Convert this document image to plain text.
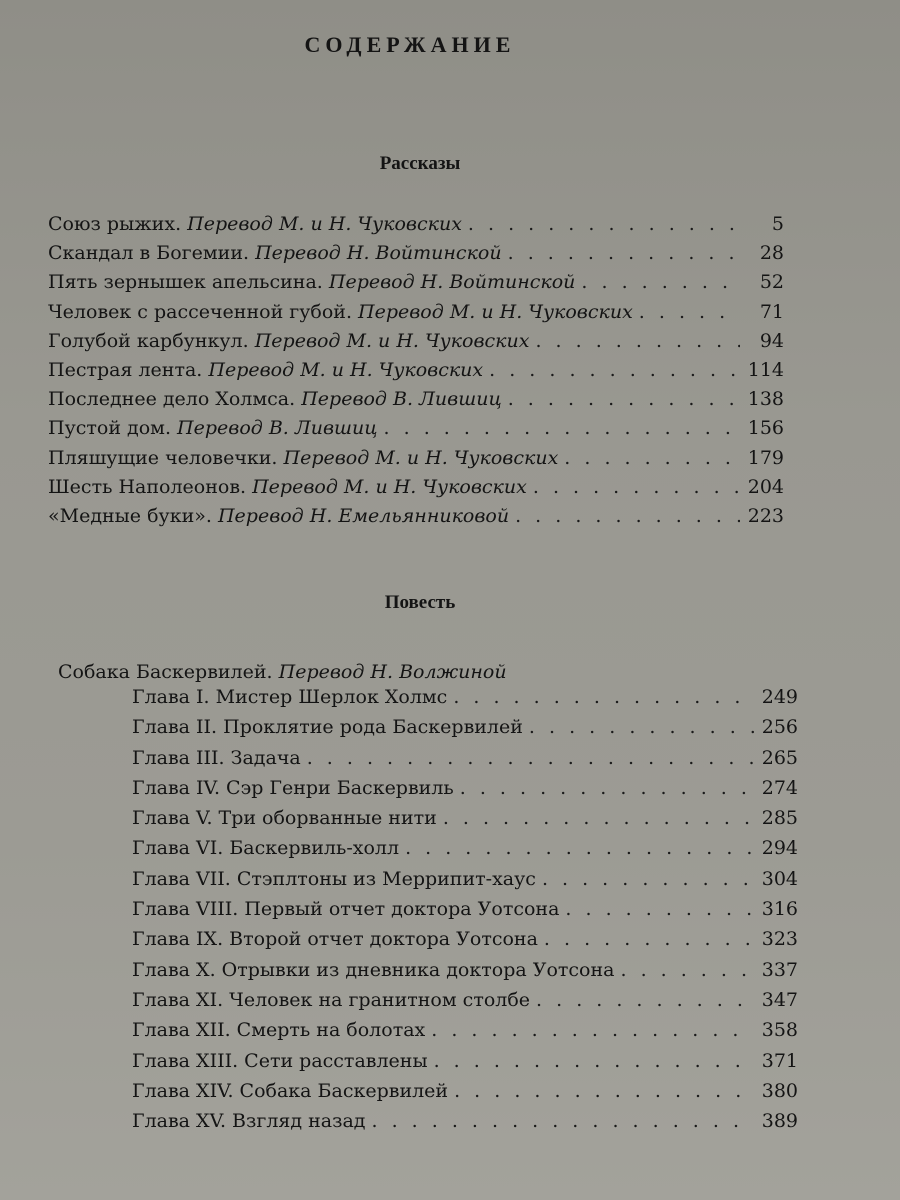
СОДЕРЖАНИЕ
Рассказы
Союз рыжих. Перевод М. и Н. Чуковских . . .	5
Скандал в Богемии. Перевод Н. Войтинской . . .	28
Пять зернышек апельсина. Перевод Н. Войтинской . . .	52
Человек с рассеченной губой. Перевод М. и Н. Чуковских . . .	71
Голубой карбункул. Перевод М. и Н. Чуковских . . .	94
Пестрая лента. Перевод М. и Н. Чуковских . . .	114
Последнее дело Холмса. Перевод В. Лившиц . . .	138
Пустой дом. Перевод В. Лившиц . . .	156
Пляшущие человечки. Перевод М. и Н. Чуковских . . .	179
Шесть Наполеонов. Перевод М. и Н. Чуковских . . .	204
«Медные буки». Перевод Н. Емельянниковой . . .	223
Повесть
Собака Баскервилей. Перевод Н. Волжиной
Глава I. Мистер Шерлок Холмс . . .	249
Глава II. Проклятие рода Баскервилей . . .	256
Глава III. Задача . . .	265
Глава IV. Сэр Генри Баскервиль . . .	274
Глава V. Три оборванные нити . . .	285
Глава VI. Баскервиль-холл . . .	294
Глава VII. Стэплтоны из Меррипит-хаус . . .	304
Глава VIII. Первый отчет доктора Уотсона . . .	316
Глава IX. Второй отчет доктора Уотсона . . .	323
Глава X. Отрывки из дневника доктора Уотсона . . .	337
Глава XI. Человек на гранитном столбе . . .	347
Глава XII. Смерть на болотах . . .	358
Глава XIII. Сети расставлены . . .	371
Глава XIV. Собака Баскервилей . . .	380
Глава XV. Взгляд назад . . .	389
